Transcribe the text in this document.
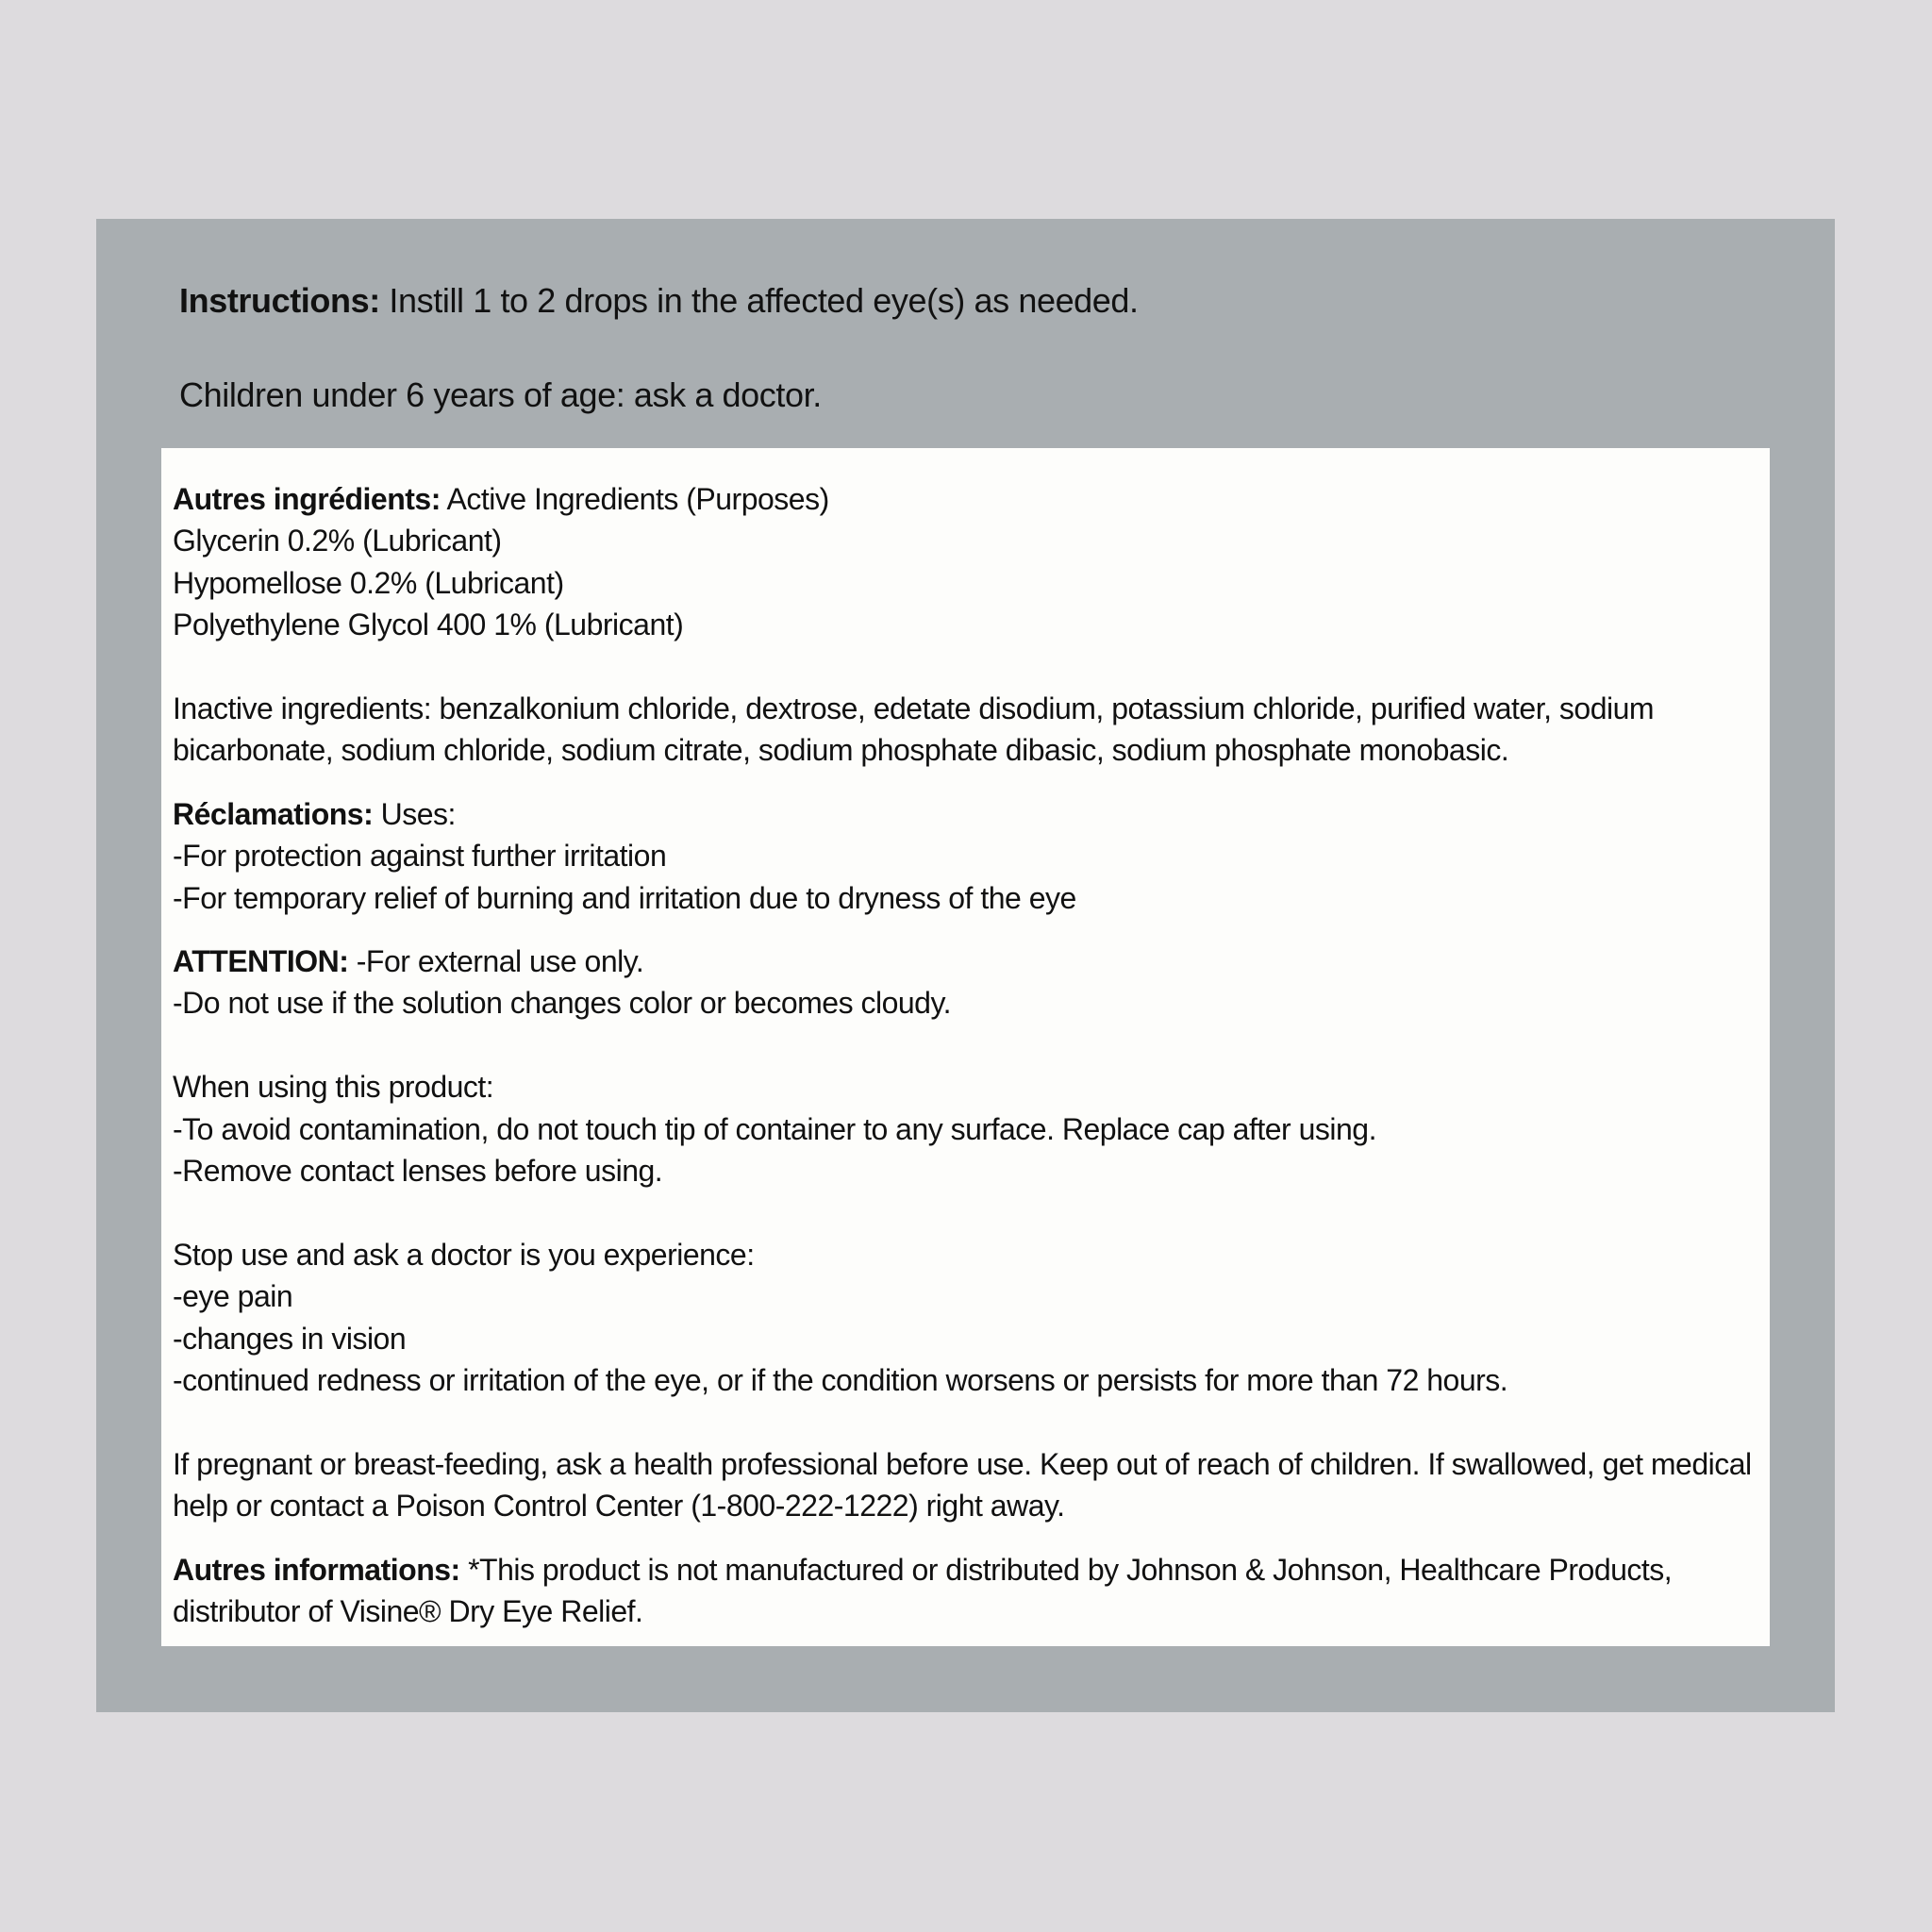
Instructions: Instill 1 to 2 drops in the affected eye(s) as needed.

Children under 6 years of age: ask a doctor.

Autres ingrédients: Active Ingredients (Purposes)

Glycerin 0.2% (Lubricant)

Hypomellose 0.2% (Lubricant)

Polyethylene Glycol 400 1% (Lubricant)

Inactive ingredients: benzalkonium chloride, dextrose, edetate disodium, potassium chloride, purified water, sodium bicarbonate, sodium chloride, sodium citrate, sodium phosphate dibasic, sodium phosphate monobasic.

Réclamations: Uses:

-For protection against further irritation

-For temporary relief of burning and irritation due to dryness of the eye

ATTENTION: -For external use only.

-Do not use if the solution changes color or becomes cloudy.

When using this product:

-To avoid contamination, do not touch tip of container to any surface. Replace cap after using.

-Remove contact lenses before using.

Stop use and ask a doctor is you experience:

-eye pain

-changes in vision

-continued redness or irritation of the eye, or if the condition worsens or persists for more than 72 hours.

If pregnant or breast-feeding, ask a health professional before use. Keep out of reach of children. If swallowed, get medical help or contact a Poison Control Center (1-800-222-1222) right away.

Autres informations: *This product is not manufactured or distributed by Johnson & Johnson, Healthcare Products, distributor of Visine® Dry Eye Relief.
